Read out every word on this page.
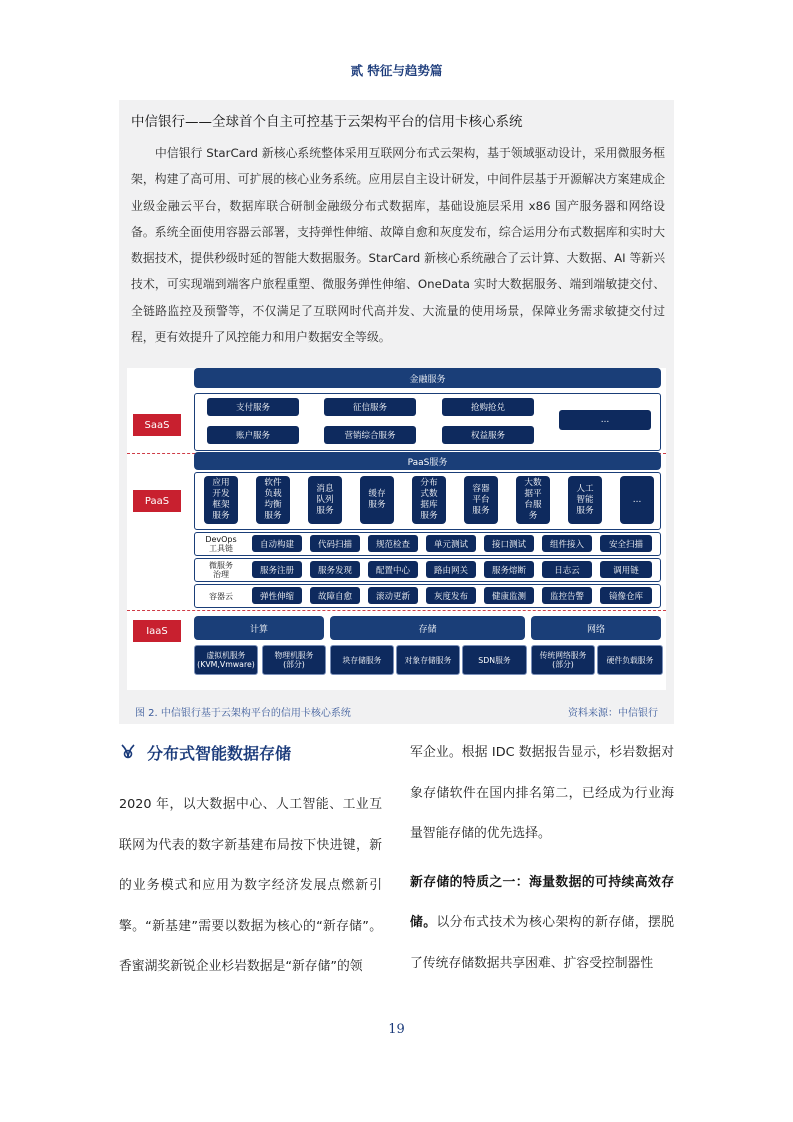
贰 特征与趋势篇
中信银行——全球首个自主可控基于云架构平台的信用卡核心系统

中信银行 StarCard 新核心系统整体采用互联网分布式云架构，基于领域驱动设计，采用微服务框架，构建了高可用、可扩展的核心业务系统。应用层自主设计研发，中间件层基于开源解决方案建成企业级金融云平台，数据库联合研制金融级分布式数据库，基础设施层采用 x86 国产服务器和网络设备。系统全面使用容器云部署，支持弹性伸缩、故障自愈和灰度发布，综合运用分布式数据库和实时大数据技术，提供秒级时延的智能大数据服务。StarCard 新核心系统融合了云计算、大数据、AI 等新兴技术，可实现端到端客户旅程重塑、微服务弹性伸缩、OneData 实时大数据服务、端到端敏捷交付、全链路监控及预警等，不仅满足了互联网时代高并发、大流量的使用场景，保障业务需求敏捷交付过程，更有效提升了风控能力和用户数据安全等级。

SaaS
PaaS
IaaS
金融服务
支付服务	征信服务	抢购抢兑
账户服务	营销综合服务	权益服务
…
PaaS服务
应用
开发
框架
服务
软件
负载
均衡
服务
消息
队列
服务
缓存
服务
分布
式数
据库
服务
容器
平台
服务
大数
据平
台服
务
人工
智能
服务
…
DevOps
工具链	自动构建	代码扫描	规范检查	单元测试	接口测试	组件接入	安全扫描
微服务
治理	服务注册	服务发现	配置中心	路由网关	服务熔断	日志云	调用链
容器云	弹性伸缩	故障自愈	滚动更新	灰度发布	健康监测	监控告警	镜像仓库
计算	存储	网络
虚拟机服务
(KVM,Vmware)
物理机服务
(部分)	块存储服务	对象存储服务	SDN服务	传统网络服务
(部分)	硬件负载服务
图 2. 中信银行基于云架构平台的信用卡核心系统	资料来源：中信银行
分布式智能数据存储

2020 年，以大数据中心、人工智能、工业互联网为代表的数字新基建布局按下快进键，新的业务模式和应用为数字经济发展点燃新引擎。“新基建”需要以数据为核心的“新存储”。香蜜湖奖新锐企业杉岩数据是“新存储”的领

军企业。根据 IDC 数据报告显示，杉岩数据对象存储软件在国内排名第二，已经成为行业海量智能存储的优先选择。

新存储的特质之一：海量数据的可持续高效存储。以分布式技术为核心架构的新存储，摆脱了传统存储数据共享困难、扩容受控制器性

19
